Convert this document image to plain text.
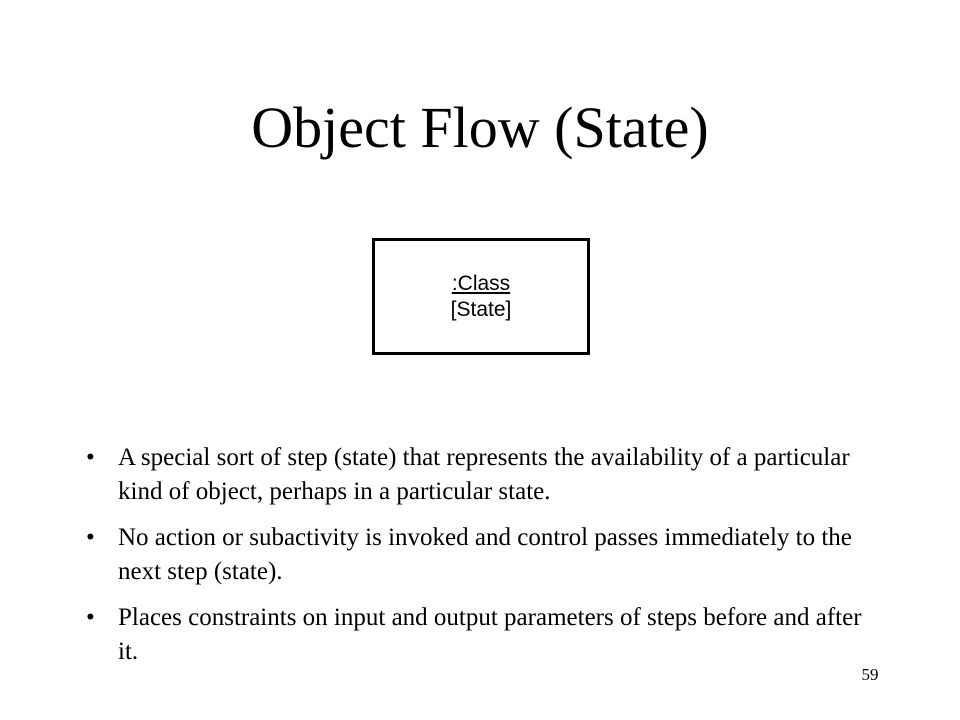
Object Flow (State)
:Class
[State]
• A special sort of step (state) that represents the availability of a particular kind of object, perhaps in a particular state.
• No action or subactivity is invoked and control passes immediately to the next step (state).
• Places constraints on input and output parameters of steps before and after it.
59
